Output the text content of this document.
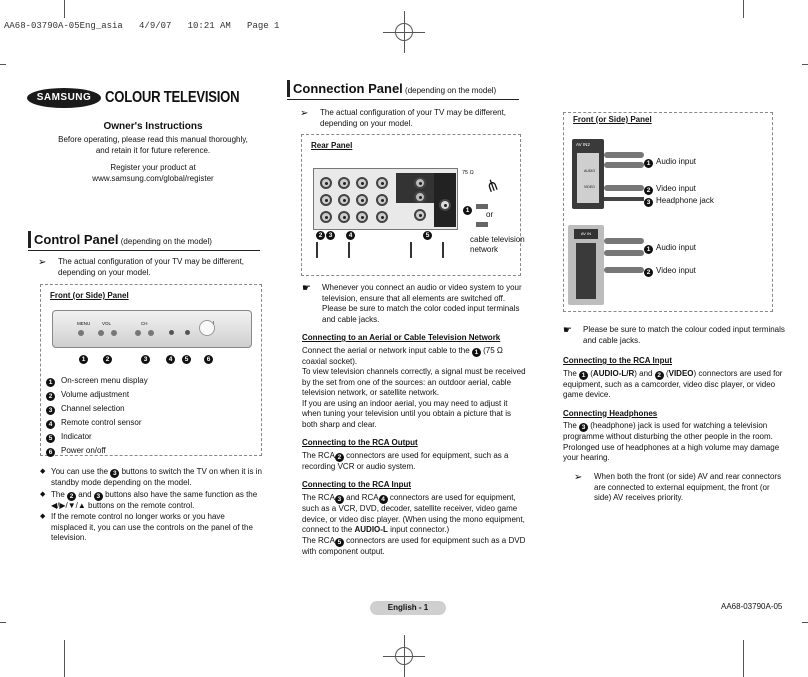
AA68-03790A-05Eng_asia   4/9/07   10:21 AM   Page 1
SAMSUNG COLOUR TELEVISION
Owner's Instructions
Before operating, please read this manual thoroughly,
and retain it for future reference.
Register your product at
www.samsung.com/global/register
Control Panel (depending on the model)
➢ The actual configuration of your TV may be different,
depending on your model.
Front (or Side) Panel
MENU	VOL	CH
1	2	3	4	5	6
1 On-screen menu display
2 Volume adjustment
3 Channel selection
4 Remote control sensor
5 Indicator
6 Power on/off
◆ You can use the 3 buttons to switch the TV on when it is in standby mode depending on the model.
◆ The 2 and 3 buttons also have the same function as the ◀/▶/▼/▲ buttons on the remote control.
◆ If the remote control no longer works or you have misplaced it, you can use the controls on the panel of the television.
Connection Panel (depending on the model)
➢ The actual configuration of your TV may be different,
depending on your model.
Rear Panel
75 Ω
⋔
1	or
cable television
network
2 3	4	5
☛ Whenever you connect an audio or video system to your television, ensure that all elements are switched off. Please be sure to match the color coded input terminals and cable jacks.
Connecting to an Aerial or Cable Television Network

Connect the aerial or network input cable to the 1 (75 Ω coaxial socket).

To view television channels correctly, a signal must be received by the set from one of the sources: an outdoor aerial, cable television network, or satellite network.

If you are using an indoor aerial, you may need to adjust it when tuning your television until you obtain a picture that is both sharp and clear.

Connecting to the RCA Output

The RCA 2 connectors are used for equipment, such as a recording VCR or audio system.

Connecting to the RCA Input

The RCA 3 and RCA 4 connectors are used for equipment, such as a VCR, DVD, decoder, satellite receiver, video game device, or video disc player. (When using the mono equipment, connect to the AUDIO-L input connector.)

The RCA 5 connectors are used for equipment such as a DVD with component output.

Front (or Side) Panel
AV IN2
AUDIO
VIDEO
1 Audio input
2 Video input
3 Headphone jack
AV IN
1 Audio input
2 Video input
☛ Please be sure to match the colour coded input terminals and cable jacks.
Connecting to the RCA Input

The 1 (AUDIO-L/R) and 2 (VIDEO) connectors are used for equipment, such as a camcorder, video disc player, or video game device.

Connecting Headphones

The 3 (headphone) jack is used for watching a television programme without disturbing the other people in the room. Prolonged use of headphones at a high volume may damage your hearing.

➢ When both the front (or side) AV and rear connectors are connected to external equipment, the front (or side) AV receives priority.
English - 1	AA68-03790A-05
